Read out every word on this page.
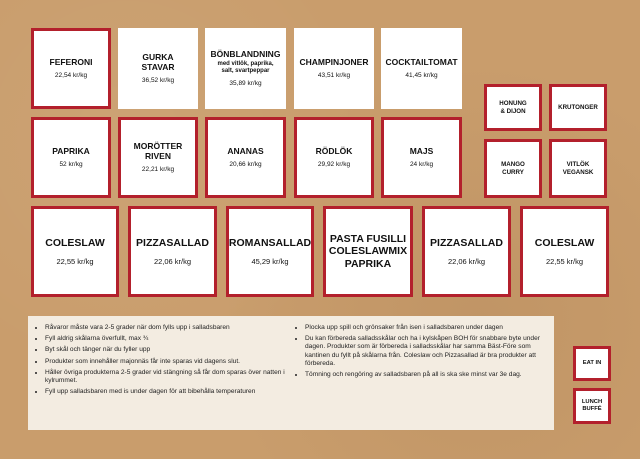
FEFERONI
22,54 kr/kg
GURKA
STAVAR
36,52 kr/kg
BÖNBLANDNING
med vitlök, paprika,
salt, svartpeppar
35,89 kr/kg
CHAMPINJONER
43,51 kr/kg
COCKTAILTOMAT
41,45 kr/kg
PAPRIKA
52 kr/kg
MORÖTTER
RIVEN
22,21 kr/kg
ANANAS
20,66 kr/kg
RÖDLÖK
29,92 kr/kg
MAJS
24 kr/kg
HONUNG
& DIJON
KRUTONGER
MANGO
CURRY
VITLÖK
VEGANSK
COLESLAW
22,55 kr/kg
PIZZASALLAD
22,06 kr/kg
ROMANSALLAD
45,29 kr/kg
PASTA FUSILLI
COLESLAWMIX
PAPRIKA
PIZZASALLAD
22,06 kr/kg
COLESLAW
22,55 kr/kg
• Råvaror måste vara 2-5 grader när dom fylls upp i salladsbaren
• Fyll aldrig skålarna överfullt, max ¾
• Byt skål och tänger när du fyller upp
• Produkter som innehåller majonnäs får inte sparas vid dagens slut.
• Håller övriga produkterna 2-5 grader vid stängning så får dom sparas över natten i kylrummet.
• Fyll upp salladsbaren med is under dagen för att bibehålla temperaturen
• Plocka upp spill och grönsaker från isen i salladsbaren under dagen
• Du kan förbereda salladsskålar och ha i kylskåpen BOH för snabbare byte under dagen. Produkter som är förbereda i salladsskålar har samma Bäst-Före som kantinen du fyllt på skålarna från. Coleslaw och Pizzasallad är bra produkter att förbereda.
• Tömning och rengöring av salladsbaren på all is ska ske minst var 3e dag.
EAT IN
LUNCH
BUFFÉ
